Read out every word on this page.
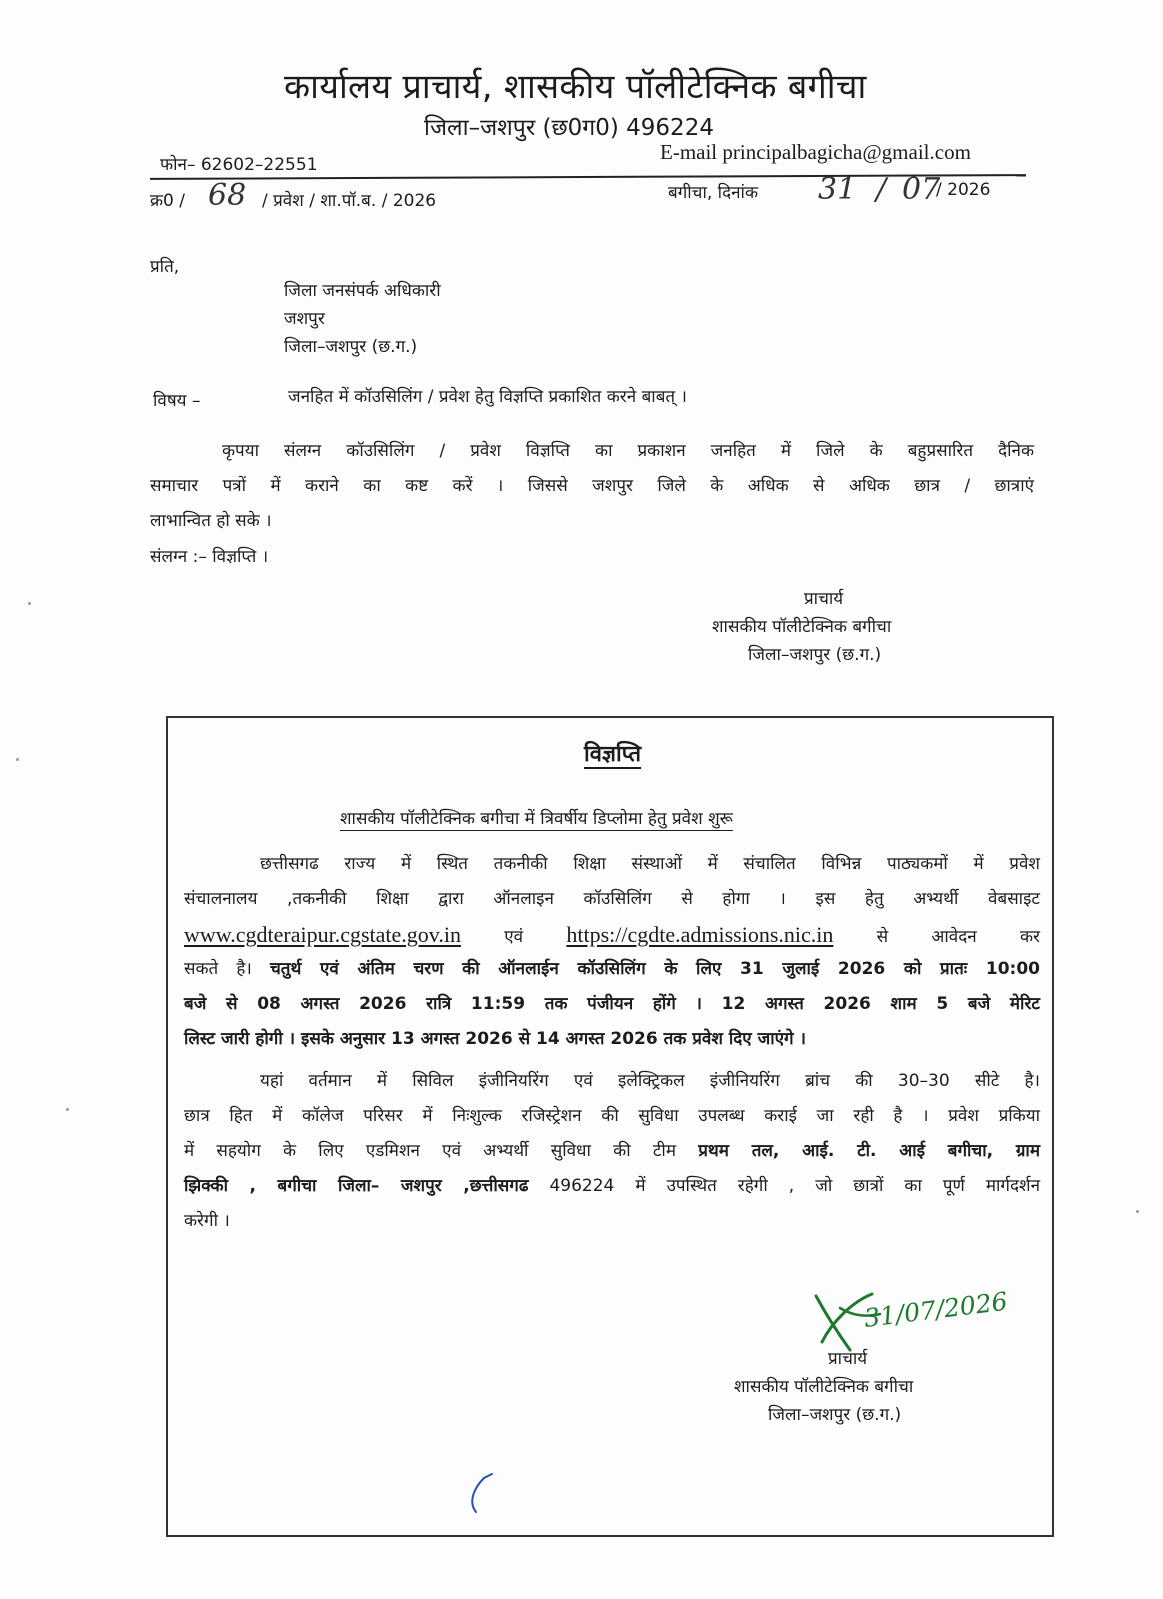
कार्यालय प्राचार्य, शासकीय पॉलीटेक्निक बगीचा
जिला–जशपुर (छ0ग0) 496224
फोन– 62602–22551
E-mail principalbagicha@gmail.com
क्र0 / 68 / प्रवेश / शा.पॉ.ब. / 2026	बगीचा, दिनांक 31 / 07
/ 2026
प्रति,
जिला जनसंपर्क अधिकारी
जशपुर
जिला–जशपुर (छ.ग.)
विषय –	जनहित में कॉउसिलिंग / प्रवेश हेतु विज्ञप्ति प्रकाशित करने बाबत् ।
कृपया संलग्न कॉउसिलिंग / प्रवेश विज्ञप्ति का प्रकाशन जनहित में जिले के बहुप्रसारित दैनिक
समाचार पत्रों में कराने का कष्ट करें । जिससे जशपुर जिले के अधिक से अधिक छात्र / छात्राएं
लाभान्वित हो सके ।
संलग्न :– विज्ञप्ति ।
प्राचार्य
शासकीय पॉलीटेक्निक बगीचा
जिला–जशपुर (छ.ग.)
विज्ञप्ति
शासकीय पॉलीटेक्निक बगीचा में त्रिवर्षीय डिप्लोमा हेतु प्रवेश शुरू
छत्तीसगढ राज्य में स्थित तकनीकी शिक्षा संस्थाओं में संचालित विभिन्न पाठ्यकमों में प्रवेश
संचालनालय ,तकनीकी शिक्षा द्वारा ऑनलाइन कॉउसिलिंग से होगा । इस हेतु अभ्यर्थी वेबसाइट
www.cgdteraipur.cgstate.gov.in	एवं https://cgdte.admissions.nic.in	से आवेदन कर
सकते है। चतुर्थ एवं अंतिम चरण की ऑनलाईन कॉउसिलिंग के लिए 31 जुलाई 2026 को प्रातः 10:00
बजे से 08 अगस्त 2026 रात्रि 11:59 तक पंजीयन होंगे । 12 अगस्त 2026 शाम 5 बजे मेरिट
लिस्ट जारी होगी । इसके अनुसार 13 अगस्त 2026 से 14 अगस्त 2026 तक प्रवेश दिए जाएंगे ।
यहां वर्तमान में सिविल इंजीनियरिंग एवं इलेक्ट्रिकल इंजीनियरिंग ब्रांच की 30–30 सीटे है।
छात्र हित में कॉलेज परिसर में निःशुल्क रजिस्ट्रेशन की सुविधा उपलब्ध कराई जा रही है । प्रवेश प्रकिया
में सहयोग के लिए एडमिशन एवं अभ्यर्थी सुविधा की टीम प्रथम तल, आई. टी. आई बगीचा, ग्राम
झिक्की , बगीचा जिला– जशपुर ,छत्तीसगढ 496224 में उपस्थित रहेगी , जो छात्रों का पूर्ण मार्गदर्शन
करेगी ।
31/07/2026
प्राचार्य
शासकीय पॉलीटेक्निक बगीचा
जिला–जशपुर (छ.ग.)
